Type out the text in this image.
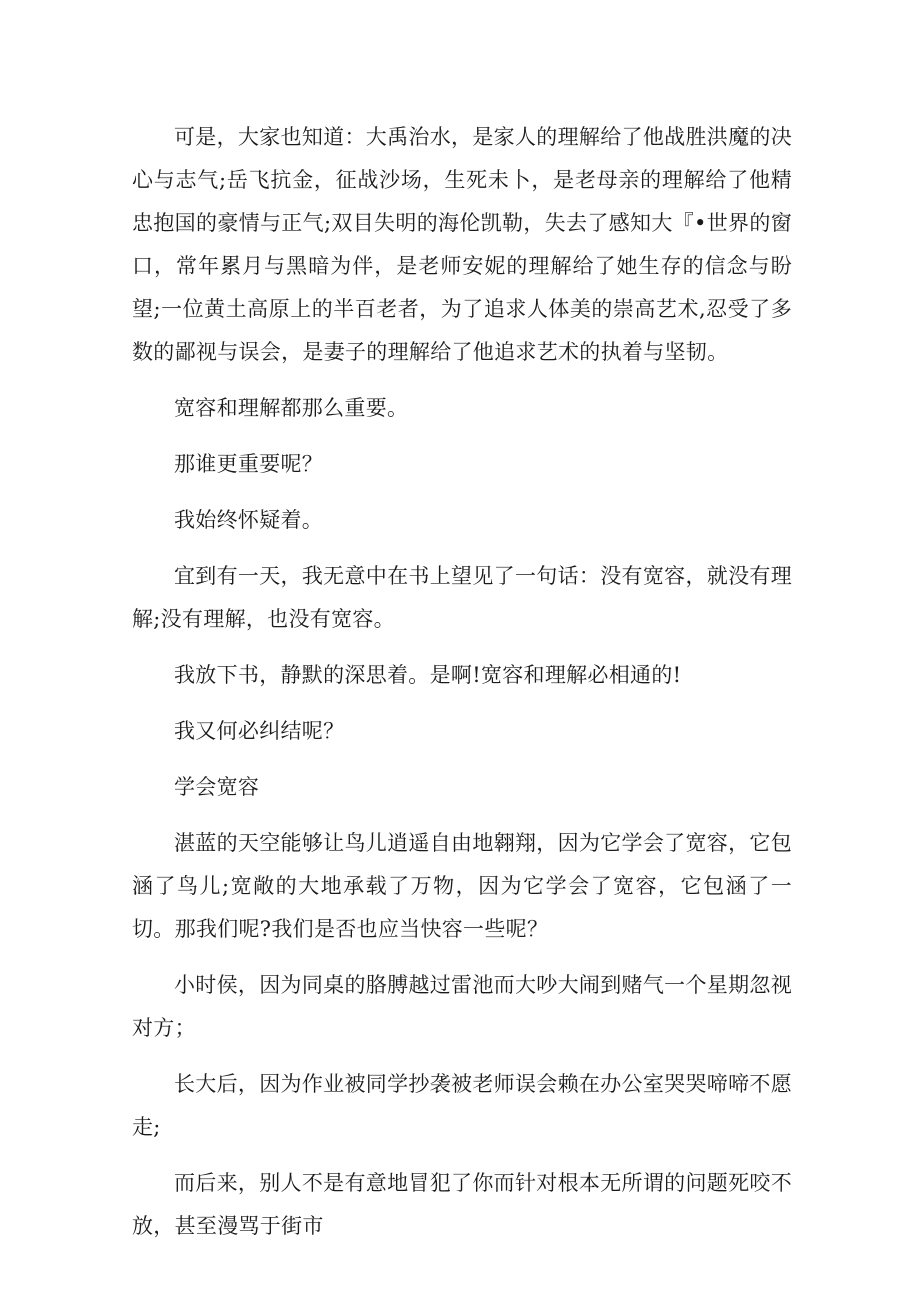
可是，大家也知道：大禹治水，是家人的理解给了他战胜洪魔的决心与志气;岳飞抗金，征战沙场，生死未卜，是老母亲的理解给了他精忠抱国的豪情与正气;双目失明的海伦凯勒，失去了感知大『•世界的窗口，常年累月与黑暗为伴，是老师安妮的理解给了她生存的信念与盼望;一位黄土高原上的半百老者，为了追求人体美的崇高艺术,忍受了多数的鄙视与误会，是妻子的理解给了他追求艺术的执着与坚韧。

宽容和理解都那么重要。

那谁更重要呢？

我始终怀疑着。

宜到有一天，我无意中在书上望见了一句话：没有宽容，就没有理解;没有理解，也没有宽容。

我放下书，静默的深思着。是啊!宽容和理解必相通的!

我又何必纠结呢？

学会宽容

湛蓝的天空能够让鸟儿逍遥自由地翱翔，因为它学会了宽容，它包涵了鸟儿;宽敞的大地承载了万物，因为它学会了宽容，它包涵了一切。那我们呢?我们是否也应当快容一些呢？

小时侯，因为同桌的胳膊越过雷池而大吵大闹到赌气一个星期忽视对方；

长大后，因为作业被同学抄袭被老师误会赖在办公室哭哭啼啼不愿走;

而后来，别人不是有意地冒犯了你而针对根本无所谓的问题死咬不放，甚至漫骂于街市
